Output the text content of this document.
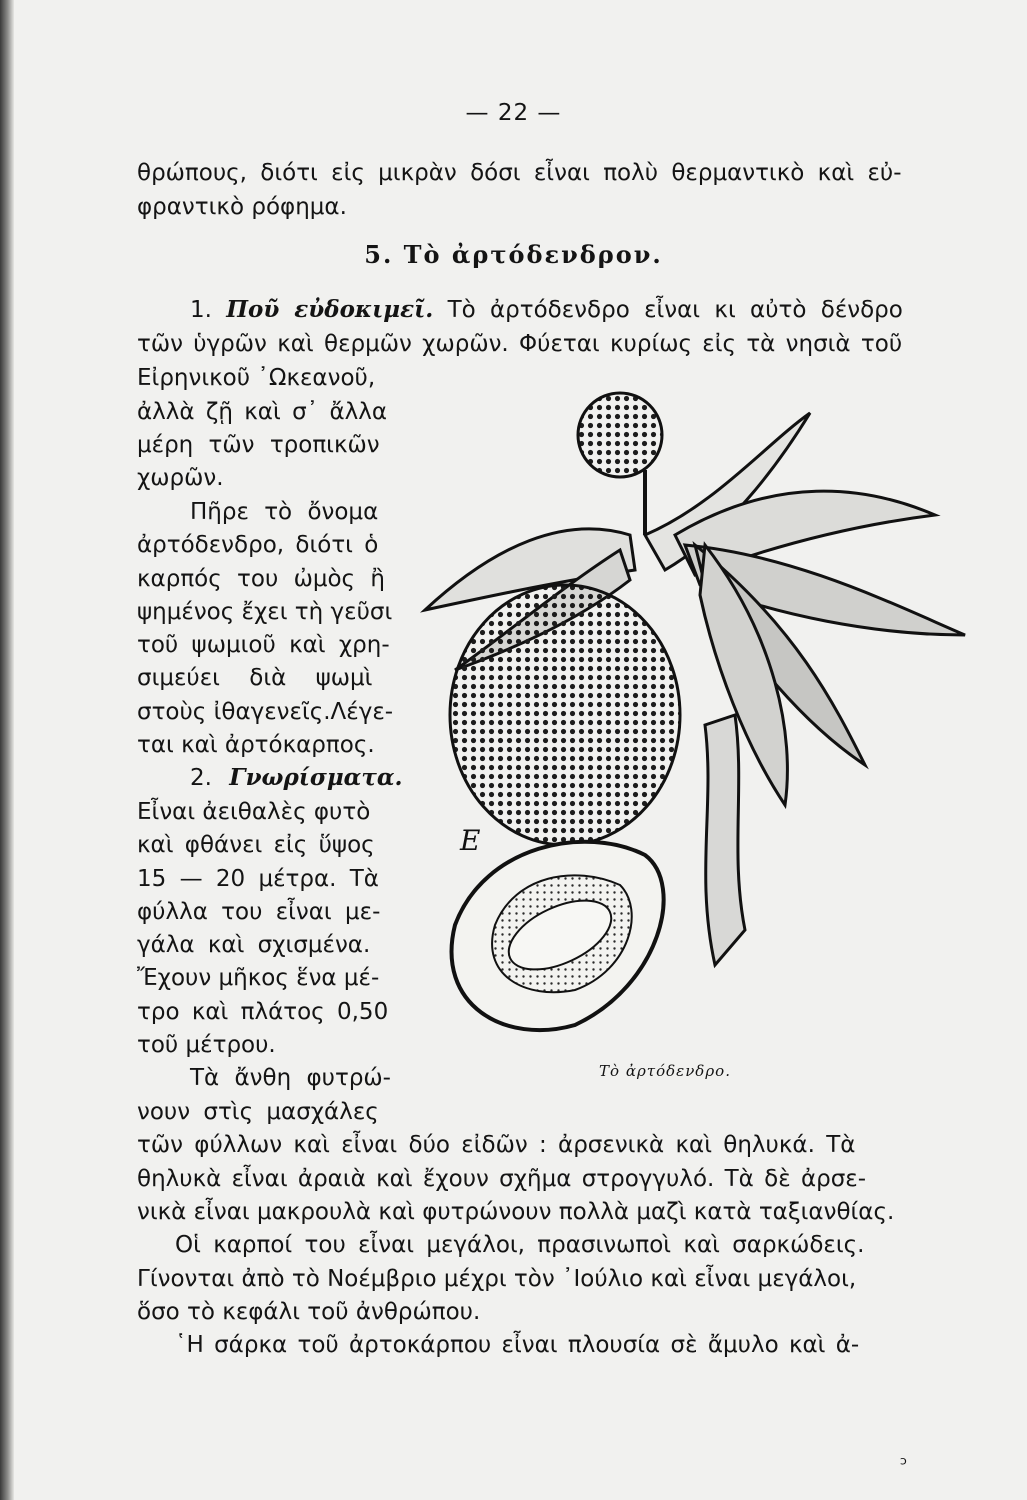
— 22 —
θρώπους, διότι εἰς μικρὰν δόσι εἶναι πολὺ θερμαντικὸ καὶ εὐ-
φραντικὸ ρόφημα.
5. Τὸ ἀρτόδενδρον.
1. Ποῦ εὐδοκιμεῖ. Τὸ ἀρτόδενδρο εἶναι κι αὐτὸ δένδρο
τῶν ὑγρῶν καὶ θερμῶν χωρῶν. Φύεται κυρίως εἰς τὰ νησιὰ τοῦ
Εἰρηνικοῦ ᾿Ωκεανοῦ,
ἀλλὰ ζῇ καὶ σ᾿ ἄλλα
μέρη τῶν τροπικῶν
χωρῶν.
Πῆρε τὸ ὄνομα
ἀρτόδενδρο, διότι ὁ
καρπός του ὠμὸς ἢ
ψημένος ἔχει τὴ γεῦσι
τοῦ ψωμιοῦ καὶ χρη-
σιμεύει διὰ ψωμὶ
στοὺς ἰθαγενεῖς.Λέγε-
ται καὶ ἀρτόκαρπος.
2. Γνωρίσματα.
Εἶναι ἀειθαλὲς φυτὸ
καὶ φθάνει εἰς ὕψος
15 — 20 μέτρα. Τὰ
φύλλα του εἶναι με-
γάλα καὶ σχισμένα.
Ἔχουν μῆκος ἕνα μέ-
τρο καὶ πλάτος 0,50
τοῦ μέτρου.
Τὰ ἄνθη φυτρώ-
νουν στὶς μασχάλες
Ε
Τὸ ἀρτόδενδρο.
τῶν φύλλων καὶ εἶναι δύο εἰδῶν : ἀρσενικὰ καὶ θηλυκά. Τὰ
θηλυκὰ εἶναι ἀραιὰ καὶ ἔχουν σχῆμα στρογγυλό. Τὰ δὲ ἀρσε-
νικὰ εἶναι μακρουλὰ καὶ φυτρώνουν πολλὰ μαζὶ κατὰ ταξιανθίας.
Οἱ καρποί του εἶναι μεγάλοι, πρασινωποὶ καὶ σαρκώδεις.
Γίνονται ἀπὸ τὸ Νοέμβριο μέχρι τὸν ᾿Ιούλιο καὶ εἶναι μεγάλοι,
ὅσο τὸ κεφάλι τοῦ ἀνθρώπου.
῾Η σάρκα τοῦ ἀρτοκάρπου εἶναι πλουσία σὲ ἄμυλο καὶ ἀ-
ᵓ
